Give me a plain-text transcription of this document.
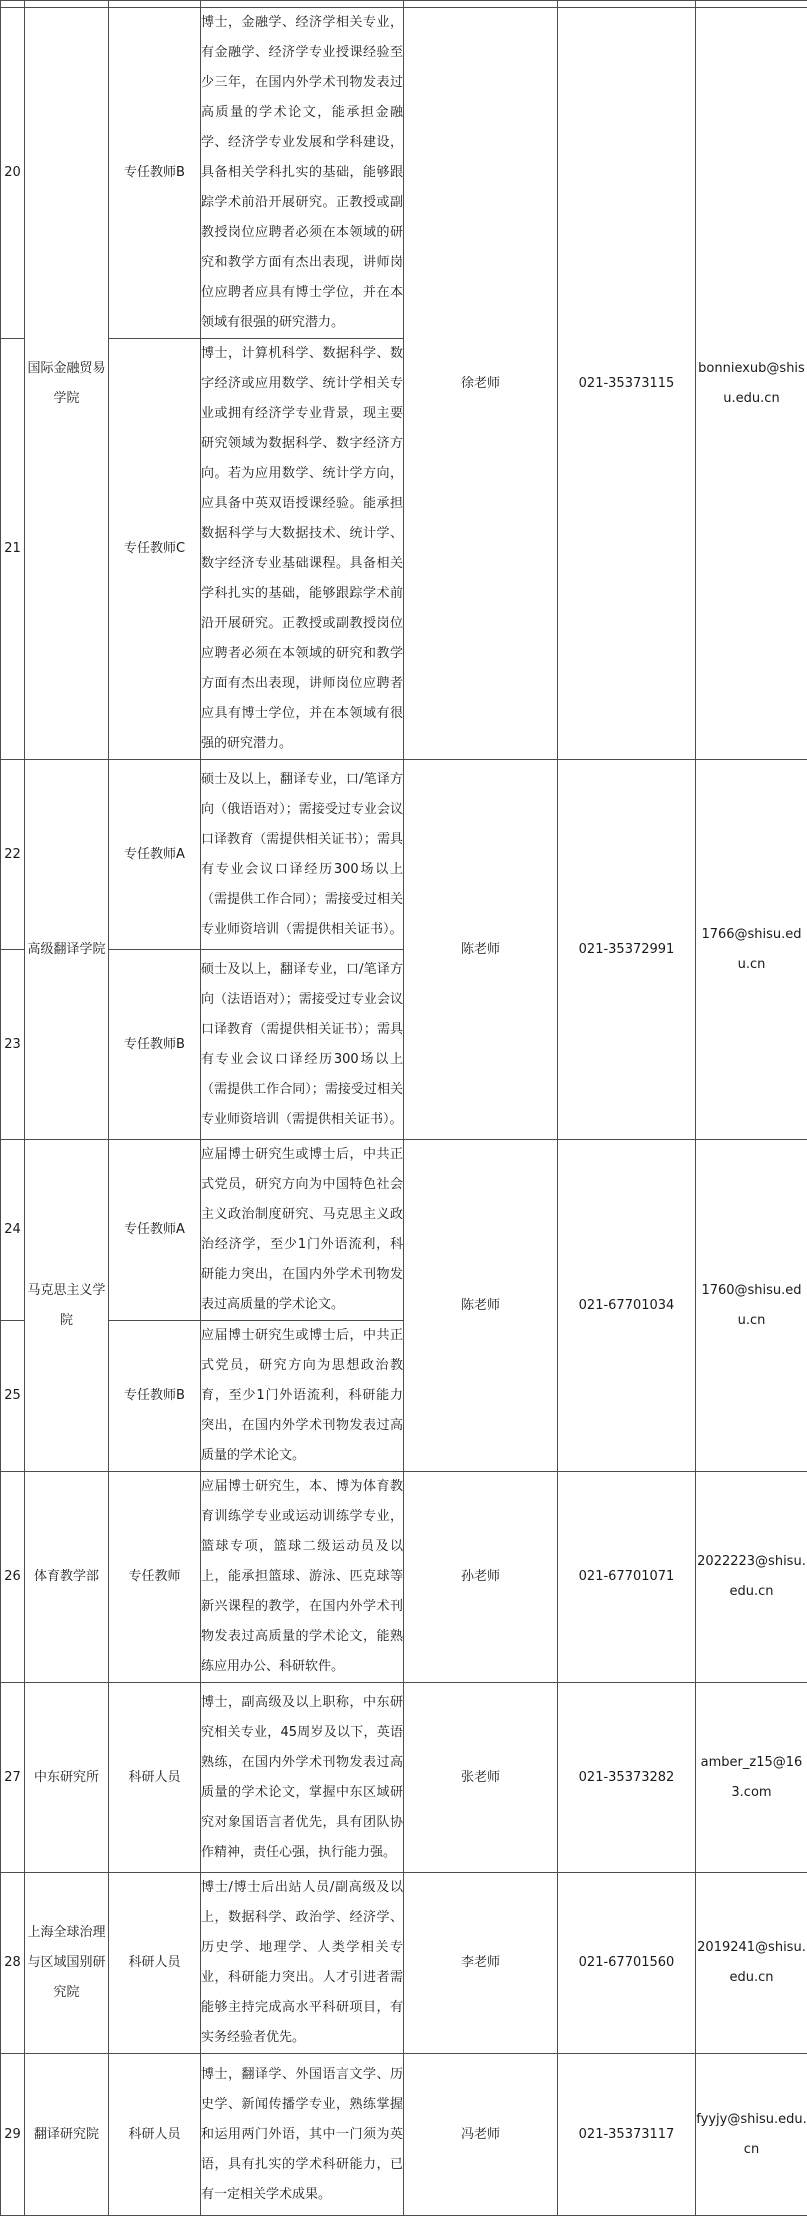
20	国际金融贸易学院	专任教师B	博士，金融学、经济学相关专业，有金融学、经济学专业授课经验至少三年，在国内外学术刊物发表过高质量的学术论文，能承担金融学、经济学专业发展和学科建设，具备相关学科扎实的基础，能够跟踪学术前沿开展研究。正教授或副教授岗位应聘者必须在本领域的研究和教学方面有杰出表现，讲师岗位应聘者应具有博士学位，并在本领域有很强的研究潜力。	徐老师	021-35373115	bonniexub@shisu.edu.cn
21		专任教师C	博士，计算机科学、数据科学、数字经济或应用数学、统计学相关专业或拥有经济学专业背景，现主要研究领域为数据科学、数字经济方向。若为应用数学、统计学方向，应具备中英双语授课经验。能承担数据科学与大数据技术、统计学、数字经济专业基础课程。具备相关学科扎实的基础，能够跟踪学术前沿开展研究。正教授或副教授岗位应聘者必须在本领域的研究和教学方面有杰出表现，讲师岗位应聘者应具有博士学位，并在本领域有很强的研究潜力。			
22	高级翻译学院	专任教师A	硕士及以上，翻译专业，口/笔译方向（俄语语对）；需接受过专业会议口译教育（需提供相关证书）；需具有专业会议口译经历300场以上（需提供工作合同）；需接受过相关专业师资培训（需提供相关证书）。	陈老师	021-35372991	1766@shisu.edu.cn
23		专任教师B	硕士及以上，翻译专业，口/笔译方向（法语语对）；需接受过专业会议口译教育（需提供相关证书）；需具有专业会议口译经历300场以上（需提供工作合同）；需接受过相关专业师资培训（需提供相关证书）。			
24	马克思主义学院	专任教师A	应届博士研究生或博士后，中共正式党员，研究方向为中国特色社会主义政治制度研究、马克思主义政治经济学，至少1门外语流利，科研能力突出，在国内外学术刊物发表过高质量的学术论文。	陈老师	021-67701034	1760@shisu.edu.cn
25		专任教师B	应届博士研究生或博士后，中共正式党员，研究方向为思想政治教育，至少1门外语流利，科研能力突出，在国内外学术刊物发表过高质量的学术论文。			
26	体育教学部	专任教师	应届博士研究生，本、博为体育教育训练学专业或运动训练学专业，篮球专项，篮球二级运动员及以上，能承担篮球、游泳、匹克球等新兴课程的教学，在国内外学术刊物发表过高质量的学术论文，能熟练应用办公、科研软件。	孙老师	021-67701071	2022223@shisu.edu.cn
27	中东研究所	科研人员	博士，副高级及以上职称，中东研究相关专业，45周岁及以下，英语熟练，在国内外学术刊物发表过高质量的学术论文，掌握中东区域研究对象国语言者优先，具有团队协作精神，责任心强，执行能力强。	张老师	021-35373282	amber_z15@163.com
28	上海全球治理与区域国别研究院	科研人员	博士/博士后出站人员/副高级及以上，数据科学、政治学、经济学、历史学、地理学、人类学相关专业，科研能力突出。人才引进者需能够主持完成高水平科研项目，有实务经验者优先。	李老师	021-67701560	2019241@shisu.edu.cn
29	翻译研究院	科研人员	博士，翻译学、外国语言文学、历史学、新闻传播学专业，熟练掌握和运用两门外语，其中一门须为英语，具有扎实的学术科研能力，已有一定相关学术成果。	冯老师	021-35373117	fyyjy@shisu.edu.cn
